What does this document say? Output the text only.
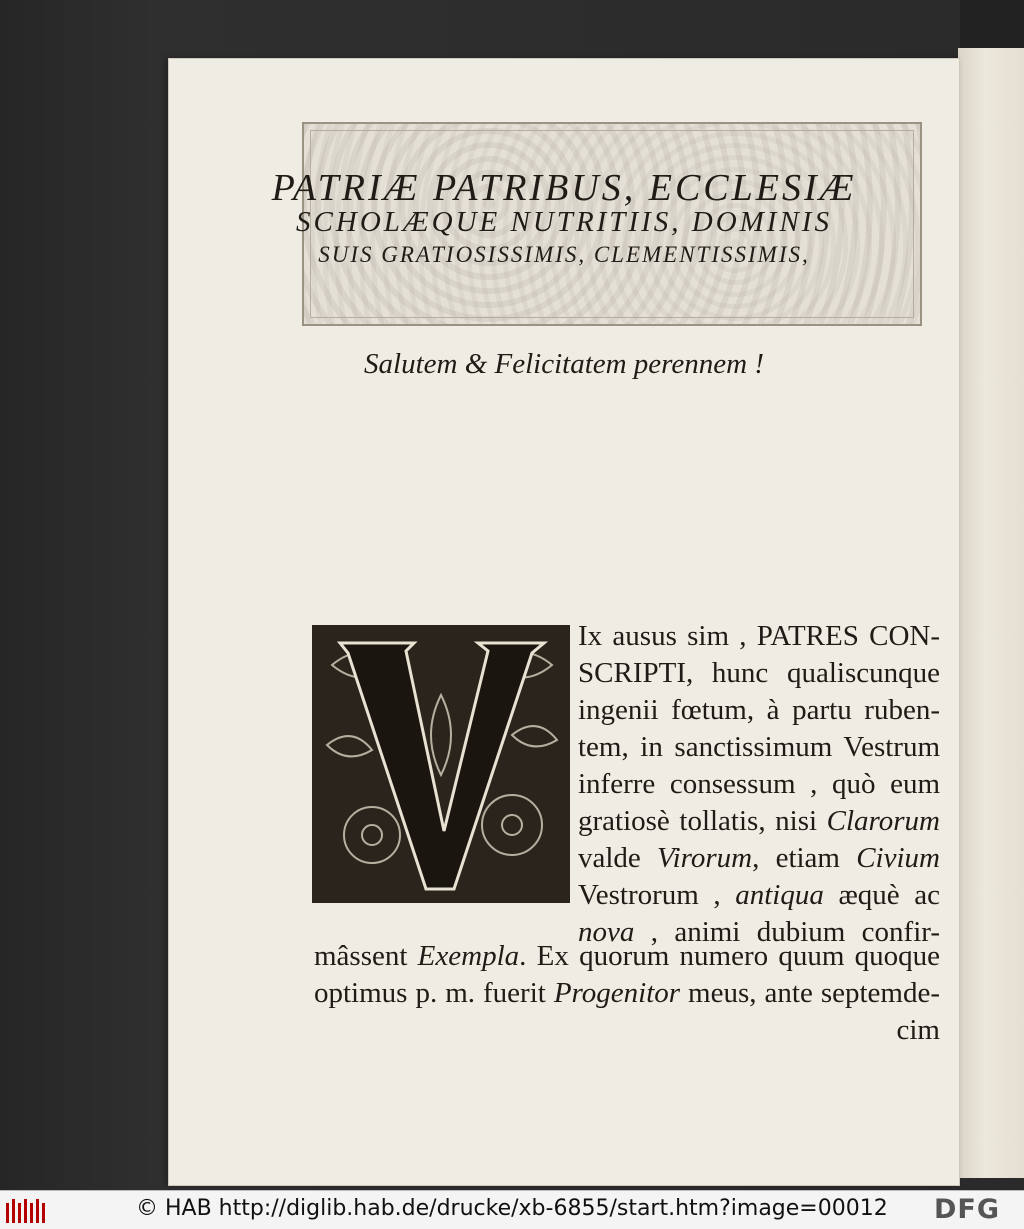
PATRIÆ PATRIBUS, ECCLESIÆ
SCHOLÆQUE NUTRITIIS, DOMINIS
SUIS GRATIOSISSIMIS, CLEMENTISSIMIS,
Salutem & Felicitatem perennem !
Ix ausus sim , PATRES CON-
SCRIPTI, hunc qualiscunque
ingenii fœtum, à partu ruben-
tem, in sanctissimum Vestrum
inferre consessum , quò eum
gratiosè tollatis, nisi Clarorum
valde Virorum, etiam Civium
Vestrorum , antiqua æquè ac
nova , animi dubium confir-
mâssent Exempla. Ex quorum numero quum quoque
optimus p. m. fuerit Progenitor meus, ante septemde-
cim
© HAB http://diglib.hab.de/drucke/xb-6855/start.htm?image=00012 DFG
